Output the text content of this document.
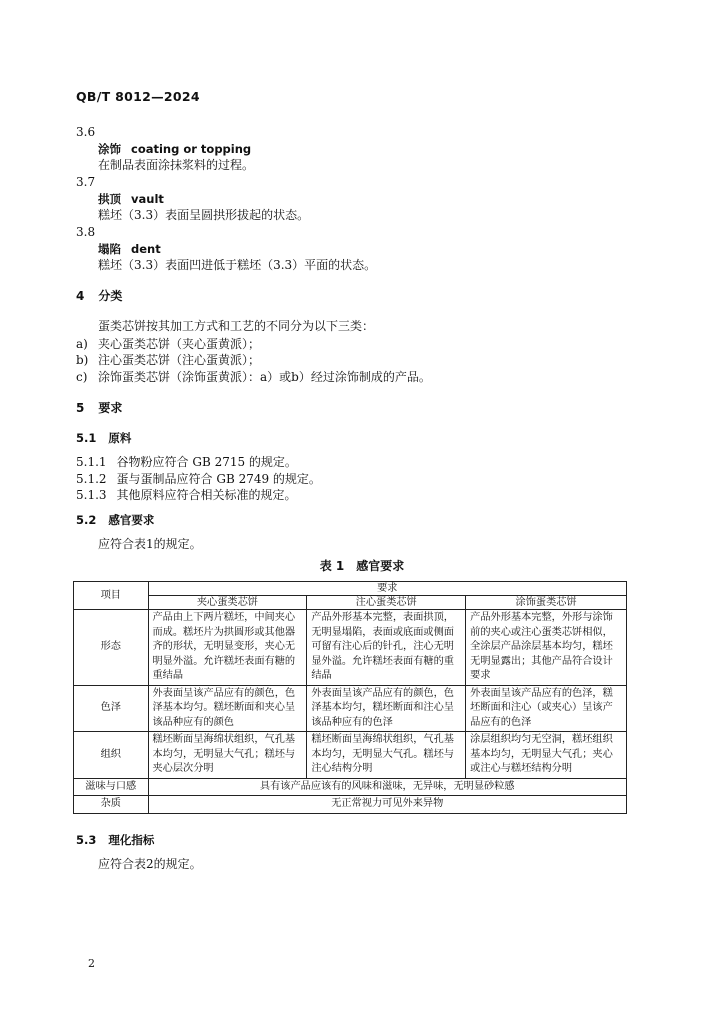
QB/T 8012—2024
3.6
涂饰 coating or topping
在制品表面涂抹浆料的过程。
3.7
拱顶 vault
糕坯（3.3）表面呈圆拱形拔起的状态。
3.8
塌陷 dent
糕坯（3.3）表面凹进低于糕坯（3.3）平面的状态。
4 分类
蛋类芯饼按其加工方式和工艺的不同分为以下三类：
a) 夹心蛋类芯饼（夹心蛋黄派）；
b) 注心蛋类芯饼（注心蛋黄派）；
c) 涂饰蛋类芯饼（涂饰蛋黄派）：a）或b）经过涂饰制成的产品。
5 要求
5.1 原料
5.1.1 谷物粉应符合 GB 2715 的规定。
5.1.2 蛋与蛋制品应符合 GB 2749 的规定。
5.1.3 其他原料应符合相关标准的规定。
5.2 感官要求
应符合表1的规定。
表 1 感官要求
项目	要求		
	夹心蛋类芯饼	注心蛋类芯饼	涂饰蛋类芯饼
形态	产品由上下两片糕坯，中间夹心而成。糕坯片为拱圆形或其他器齐的形状，无明显变形，夹心无明显外溢。允许糕坯表面有糖的重结晶	产品外形基本完整，表面拱顶，无明显塌陷，表面或底面或侧面可留有注心后的针孔，注心无明显外溢。允许糕坯表面有糖的重结晶	产品外形基本完整，外形与涂饰前的夹心或注心蛋类芯饼相似，全涂层产品涂层基本均匀，糕坯无明显露出；其他产品符合设计要求
色泽	外表面呈该产品应有的颜色，色泽基本均匀。糕坯断面和夹心呈该品种应有的颜色	外表面呈该产品应有的颜色，色泽基本均匀，糕坯断面和注心呈该品种应有的色泽	外表面呈该产品应有的色泽，糕坯断面和注心（或夹心）呈该产品应有的色泽
组织	糕坯断面呈海绵状组织，气孔基本均匀，无明显大气孔；糕坯与夹心层次分明	糕坯断面呈海绵状组织，气孔基本均匀，无明显大气孔。糕坯与注心结构分明	涂层组织均匀无空洞，糕坯组织基本均匀，无明显大气孔；夹心或注心与糕坯结构分明
滋味与口感	具有该产品应该有的风味和滋味，无异味，无明显砂粒感		
杂质	无正常视力可见外来异物		
5.3 理化指标
应符合表2的规定。
2
